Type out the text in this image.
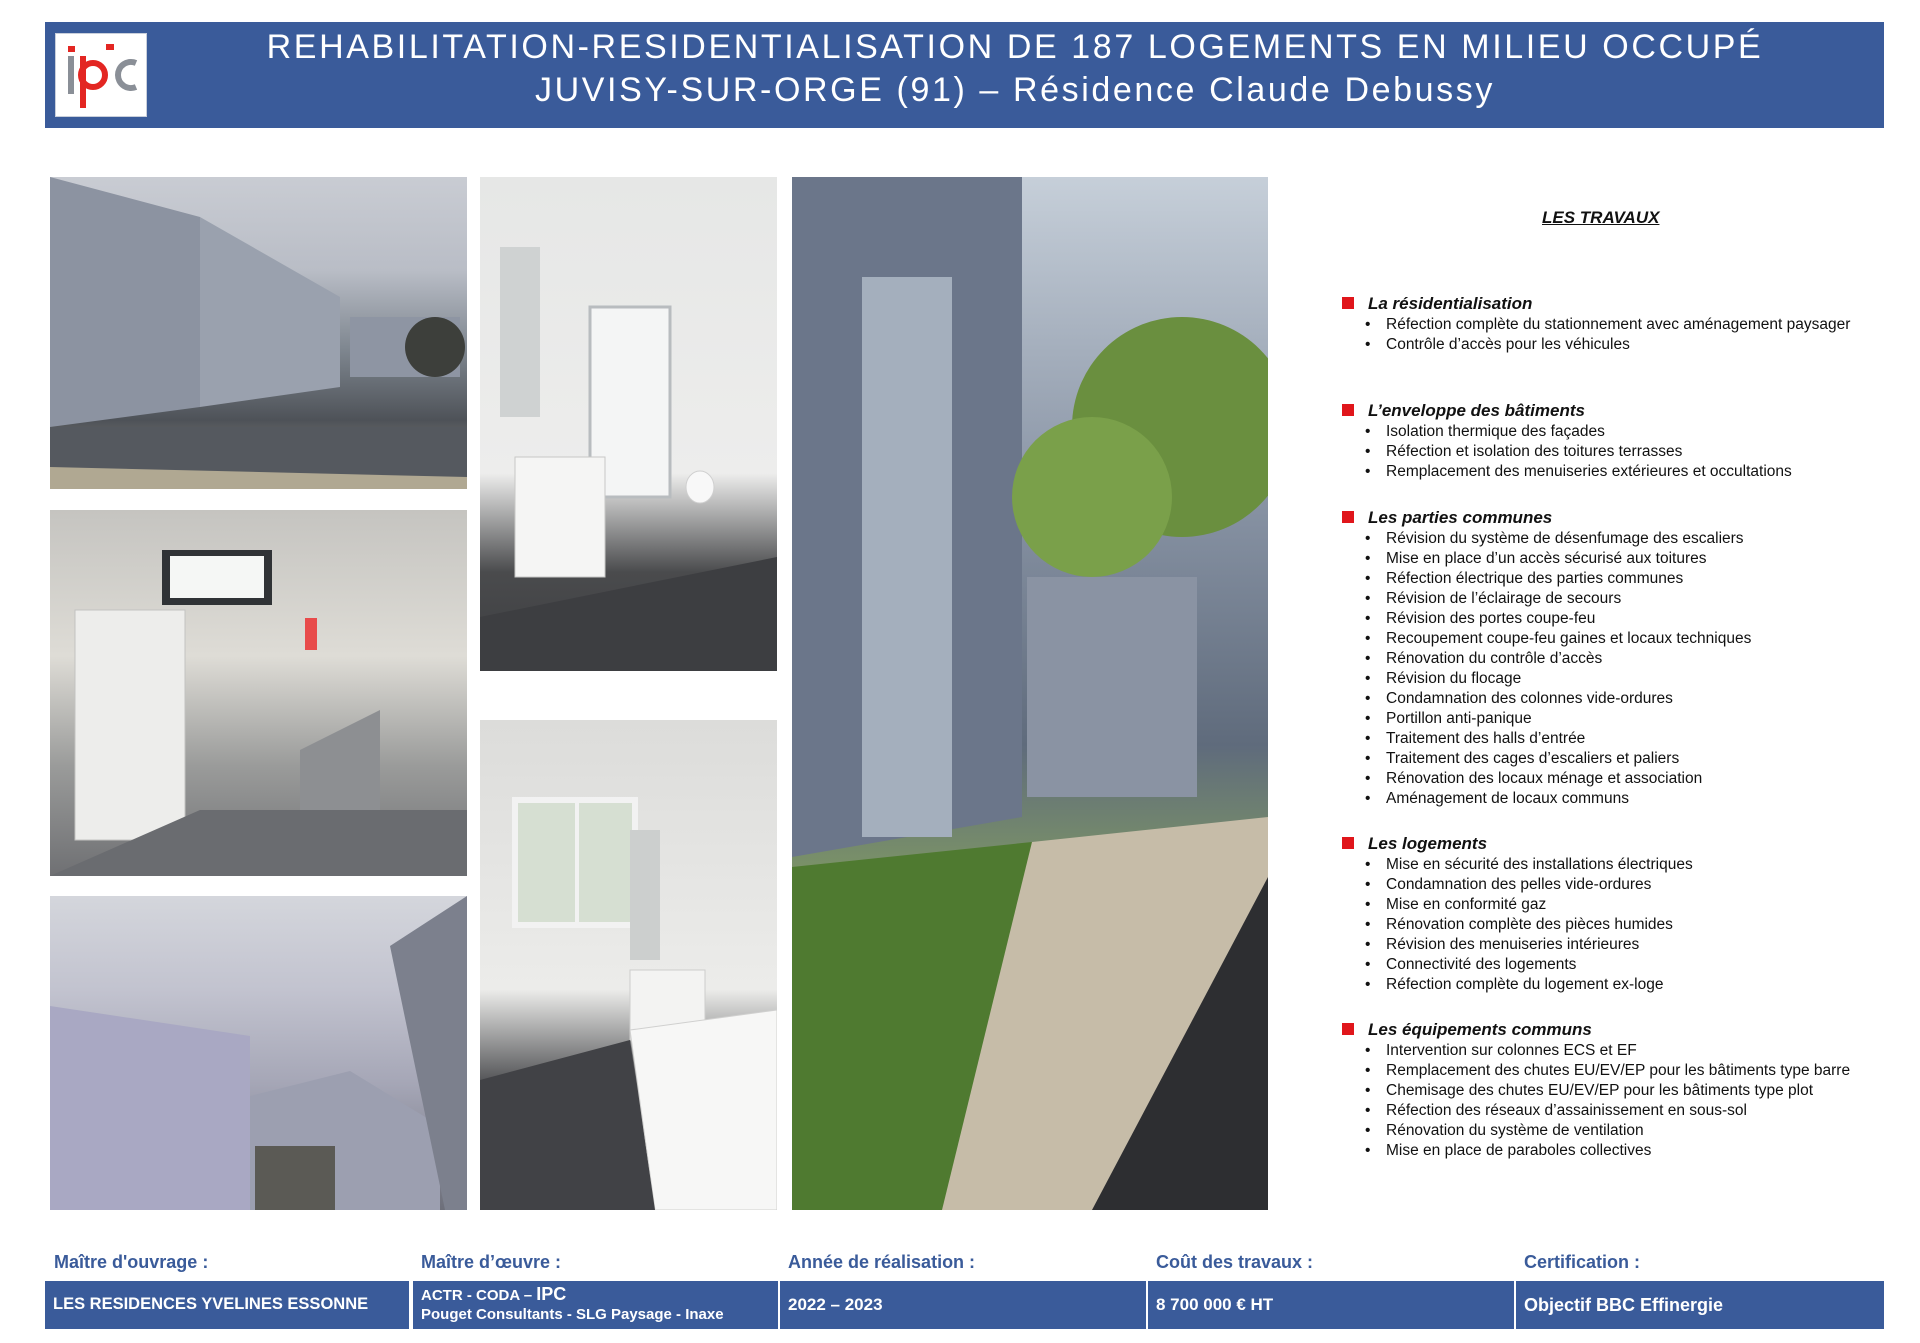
REHABILITATION-RESIDENTIALISATION DE 187 LOGEMENTS EN MILIEU OCCUPÉ
JUVISY-SUR-ORGE (91) – Résidence Claude Debussy
LES TRAVAUX
La résidentialisation
• Réfection complète du stationnement avec aménagement paysager
• Contrôle d’accès pour les véhicules
L’enveloppe des bâtiments
• Isolation thermique des façades
• Réfection et isolation des toitures terrasses
• Remplacement des menuiseries extérieures et occultations
Les parties communes
• Révision du système de désenfumage des escaliers
• Mise en place d’un accès sécurisé aux toitures
• Réfection électrique des parties communes
• Révision de l’éclairage de secours
• Révision des portes coupe-feu
• Recoupement coupe-feu gaines et locaux techniques
• Rénovation du contrôle d’accès
• Révision du flocage
• Condamnation des colonnes vide-ordures
• Portillon anti-panique
• Traitement des halls d’entrée
• Traitement des cages d’escaliers et paliers
• Rénovation des locaux ménage et association
• Aménagement de locaux communs
Les logements
• Mise en sécurité des installations électriques
• Condamnation des pelles vide-ordures
• Mise en conformité gaz
• Rénovation complète des pièces humides
• Révision des menuiseries intérieures
• Connectivité des logements
• Réfection complète du logement ex-loge
Les équipements communs
• Intervention sur colonnes ECS et EF
• Remplacement des chutes EU/EV/EP pour les bâtiments type barre
• Chemisage des chutes EU/EV/EP pour les bâtiments type plot
• Réfection des réseaux d’assainissement en sous-sol
• Rénovation du système de ventilation
• Mise en place de paraboles collectives
Maître d'ouvrage :
LES RESIDENCES YVELINES ESSONNE
Maître d’œuvre :
ACTR - CODA – IPC
Pouget Consultants - SLG Paysage - Inaxe
Année de réalisation :
2022 – 2023
Coût des travaux :
8 700 000 € HT
Certification :
Objectif BBC Effinergie
